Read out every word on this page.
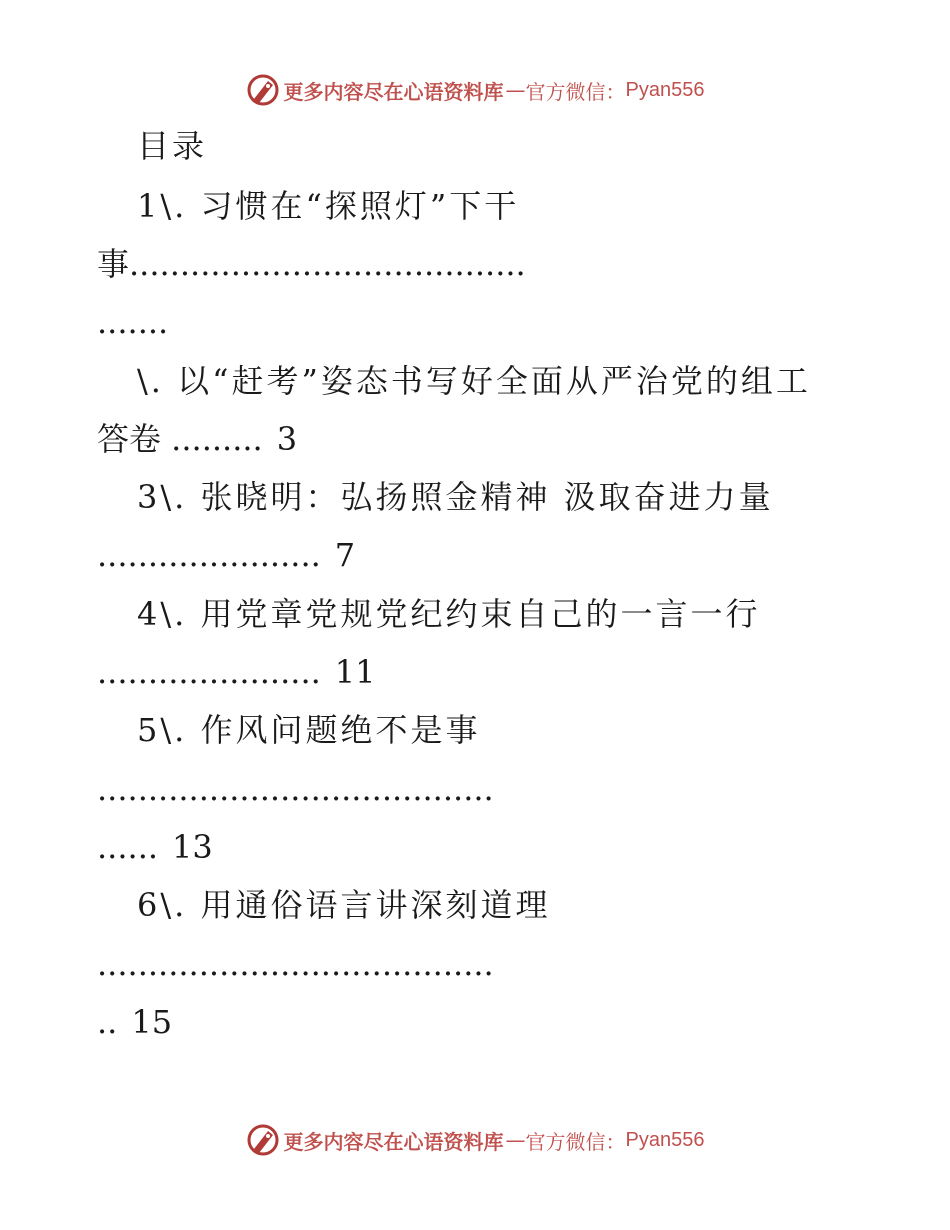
更多内容尽在心语资料库 — 官方微信： Pyan556
目录
1\. 习惯在“探照灯”下干
事.......................................
.......
\. 以“赶考”姿态书写好全面从严治党的组工
答卷 ......... 3
3\. 张晓明：弘扬照金精神 汲取奋进力量
...................... 7
4\. 用党章党规党纪约束自己的一言一行
...................... 11
5\. 作风问题绝不是事
.......................................
...... 13
6\. 用通俗语言讲深刻道理
.......................................
.. 15
更多内容尽在心语资料库 — 官方微信： Pyan556
